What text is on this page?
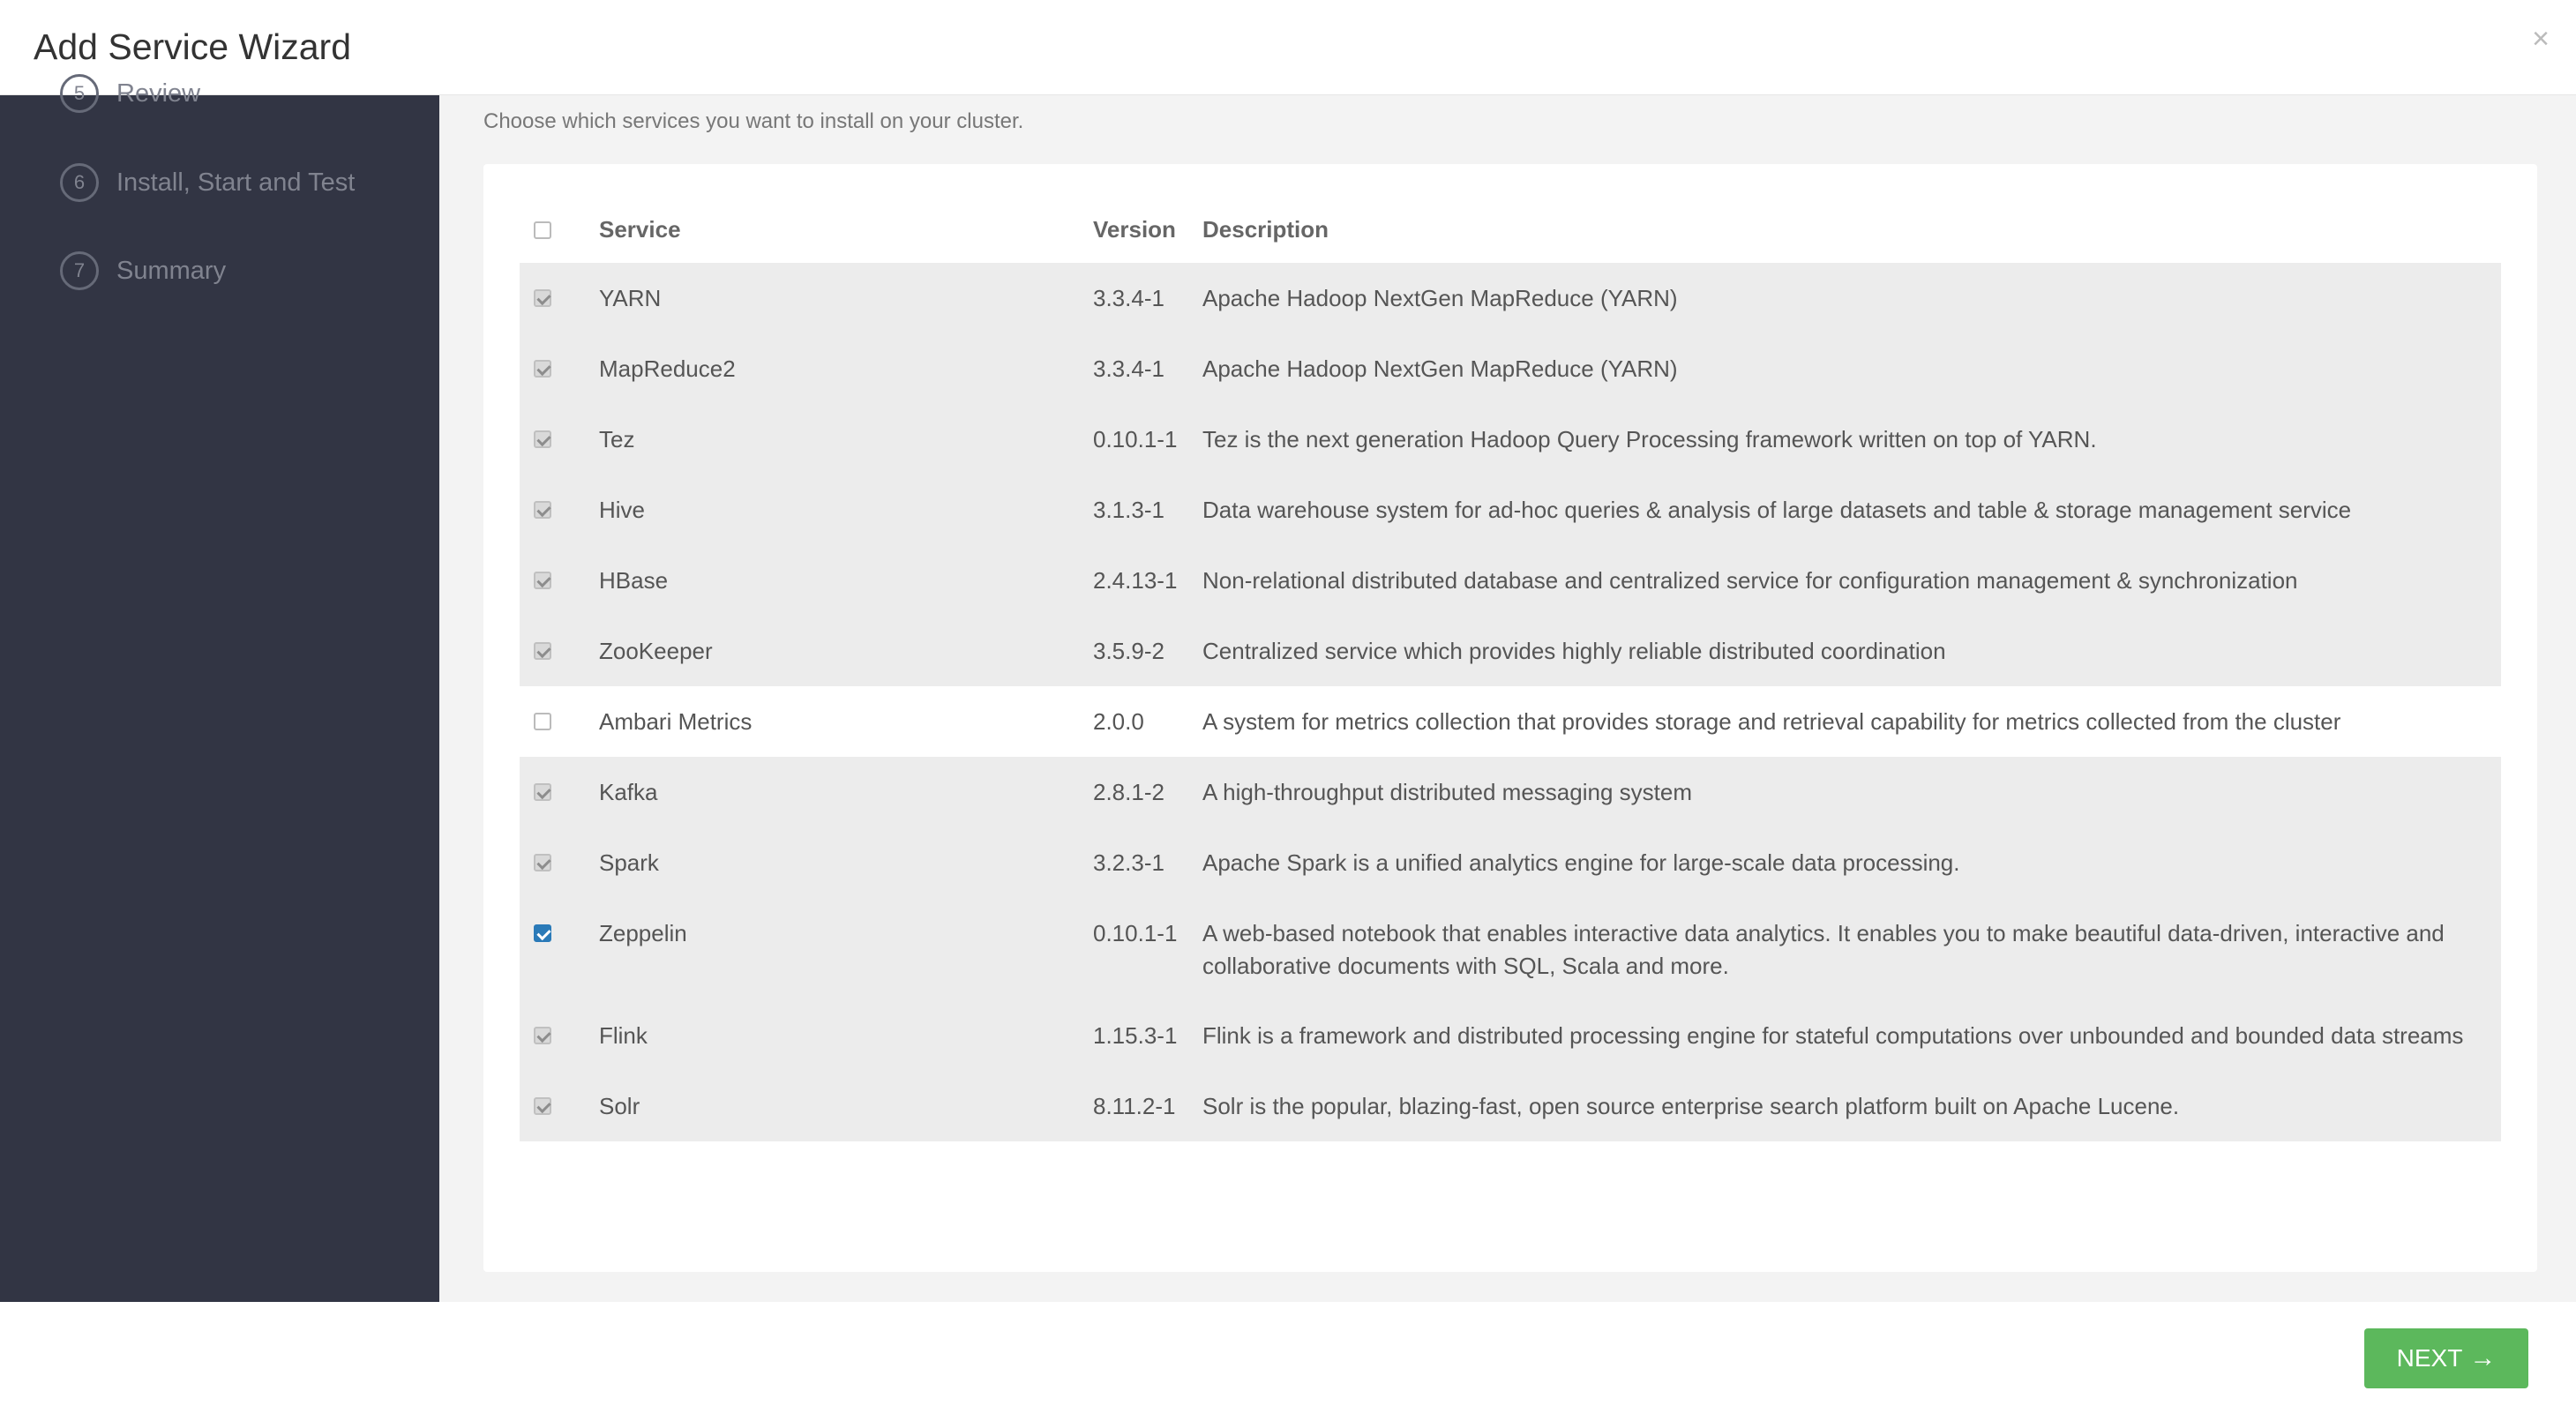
Add Service Wizard	×
5	Review
6	Install, Start and Test
7	Summary
Choose which services you want to install on your cluster.
	Service	Version	Description
	YARN	3.3.4-1	Apache Hadoop NextGen MapReduce (YARN)
	MapReduce2	3.3.4-1	Apache Hadoop NextGen MapReduce (YARN)
	Tez	0.10.1-1	Tez is the next generation Hadoop Query Processing framework written on top of YARN.
	Hive	3.1.3-1	Data warehouse system for ad-hoc queries & analysis of large datasets and table & storage management service
	HBase	2.4.13-1	Non-relational distributed database and centralized service for configuration management & synchronization
	ZooKeeper	3.5.9-2	Centralized service which provides highly reliable distributed coordination
	Ambari Metrics	2.0.0	A system for metrics collection that provides storage and retrieval capability for metrics collected from the cluster
	Kafka	2.8.1-2	A high-throughput distributed messaging system
	Spark	3.2.3-1	Apache Spark is a unified analytics engine for large-scale data processing.
	Zeppelin	0.10.1-1	A web-based notebook that enables interactive data analytics. It enables you to make beautiful data-driven, interactive and collaborative documents with SQL, Scala and more.
	Flink	1.15.3-1	Flink is a framework and distributed processing engine for stateful computations over unbounded and bounded data streams
	Solr	8.11.2-1	Solr is the popular, blazing-fast, open source enterprise search platform built on Apache Lucene.
NEXT →
